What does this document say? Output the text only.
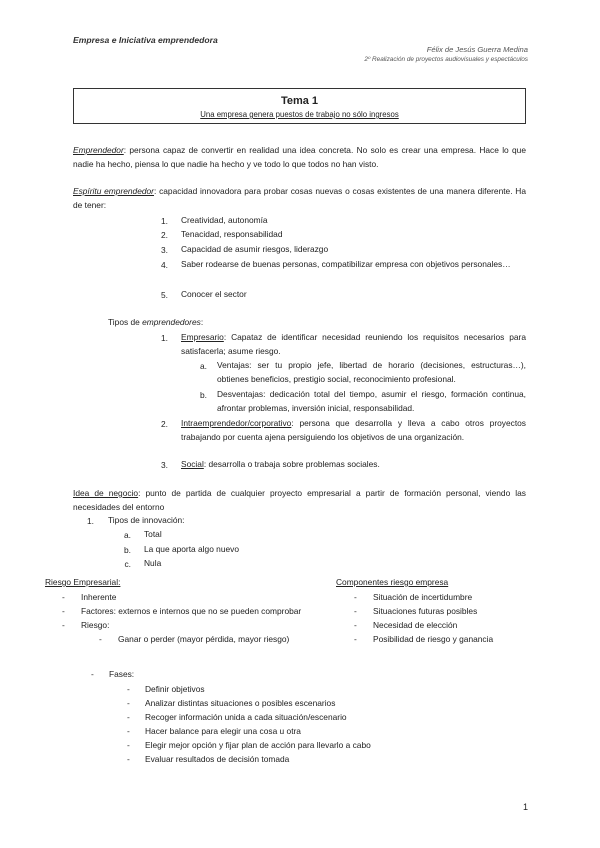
Empresa e Iniciativa emprendedora
Félix de Jesús Guerra Medina
2º Realización de proyectos audiovisuales y espectáculos
Tema 1
Una empresa genera puestos de trabajo no sólo ingresos
Emprendedor: persona capaz de convertir en realidad una idea concreta. No solo es crear una empresa. Hace lo que nadie ha hecho, piensa lo que nadie ha hecho y ve todo lo que todos no han visto.
Espíritu emprendedor: capacidad innovadora para probar cosas nuevas o cosas existentes de una manera diferente. Ha de tener:
1. Creatividad, autonomía
2. Tenacidad, responsabilidad
3. Capacidad de asumir riesgos, liderazgo
4. Saber rodearse de buenas personas, compatibilizar empresa con objetivos personales…
5. Conocer el sector
Tipos de emprendedores:
1. Empresario: Capataz de identificar necesidad reuniendo los requisitos necesarios para satisfacerla; asume riesgo.
a. Ventajas: ser tu propio jefe, libertad de horario (decisiones, estructuras…), obtienes beneficios, prestigio social, reconocimiento profesional.
b. Desventajas: dedicación total del tiempo, asumir el riesgo, formación continua, afrontar problemas, inversión inicial, responsabilidad.
2. Intraemprendedor/corporativo: persona que desarrolla y lleva a cabo otros proyectos trabajando por cuenta ajena persiguiendo los objetivos de una organización.
3. Social: desarrolla o trabaja sobre problemas sociales.
Idea de negocio: punto de partida de cualquier proyecto empresarial a partir de formación personal, viendo las necesidades del entorno
1. Tipos de innovación:
a. Total
b. La que aporta algo nuevo
c. Nula
Riesgo Empresarial:
- Inherente
- Factores: externos e internos que no se pueden comprobar
- Riesgo:
- Ganar o perder (mayor pérdida, mayor riesgo)
Componentes riesgo empresa
- Situación de incertidumbre
- Situaciones futuras posibles
- Necesidad de elección
- Posibilidad de riesgo y ganancia
- Fases:
- Definir objetivos
- Analizar distintas situaciones o posibles escenarios
- Recoger información unida a cada situación/escenario
- Hacer balance para elegir una cosa u otra
- Elegir mejor opción y fijar plan de acción para llevarlo a cabo
- Evaluar resultados de decisión tomada
1
